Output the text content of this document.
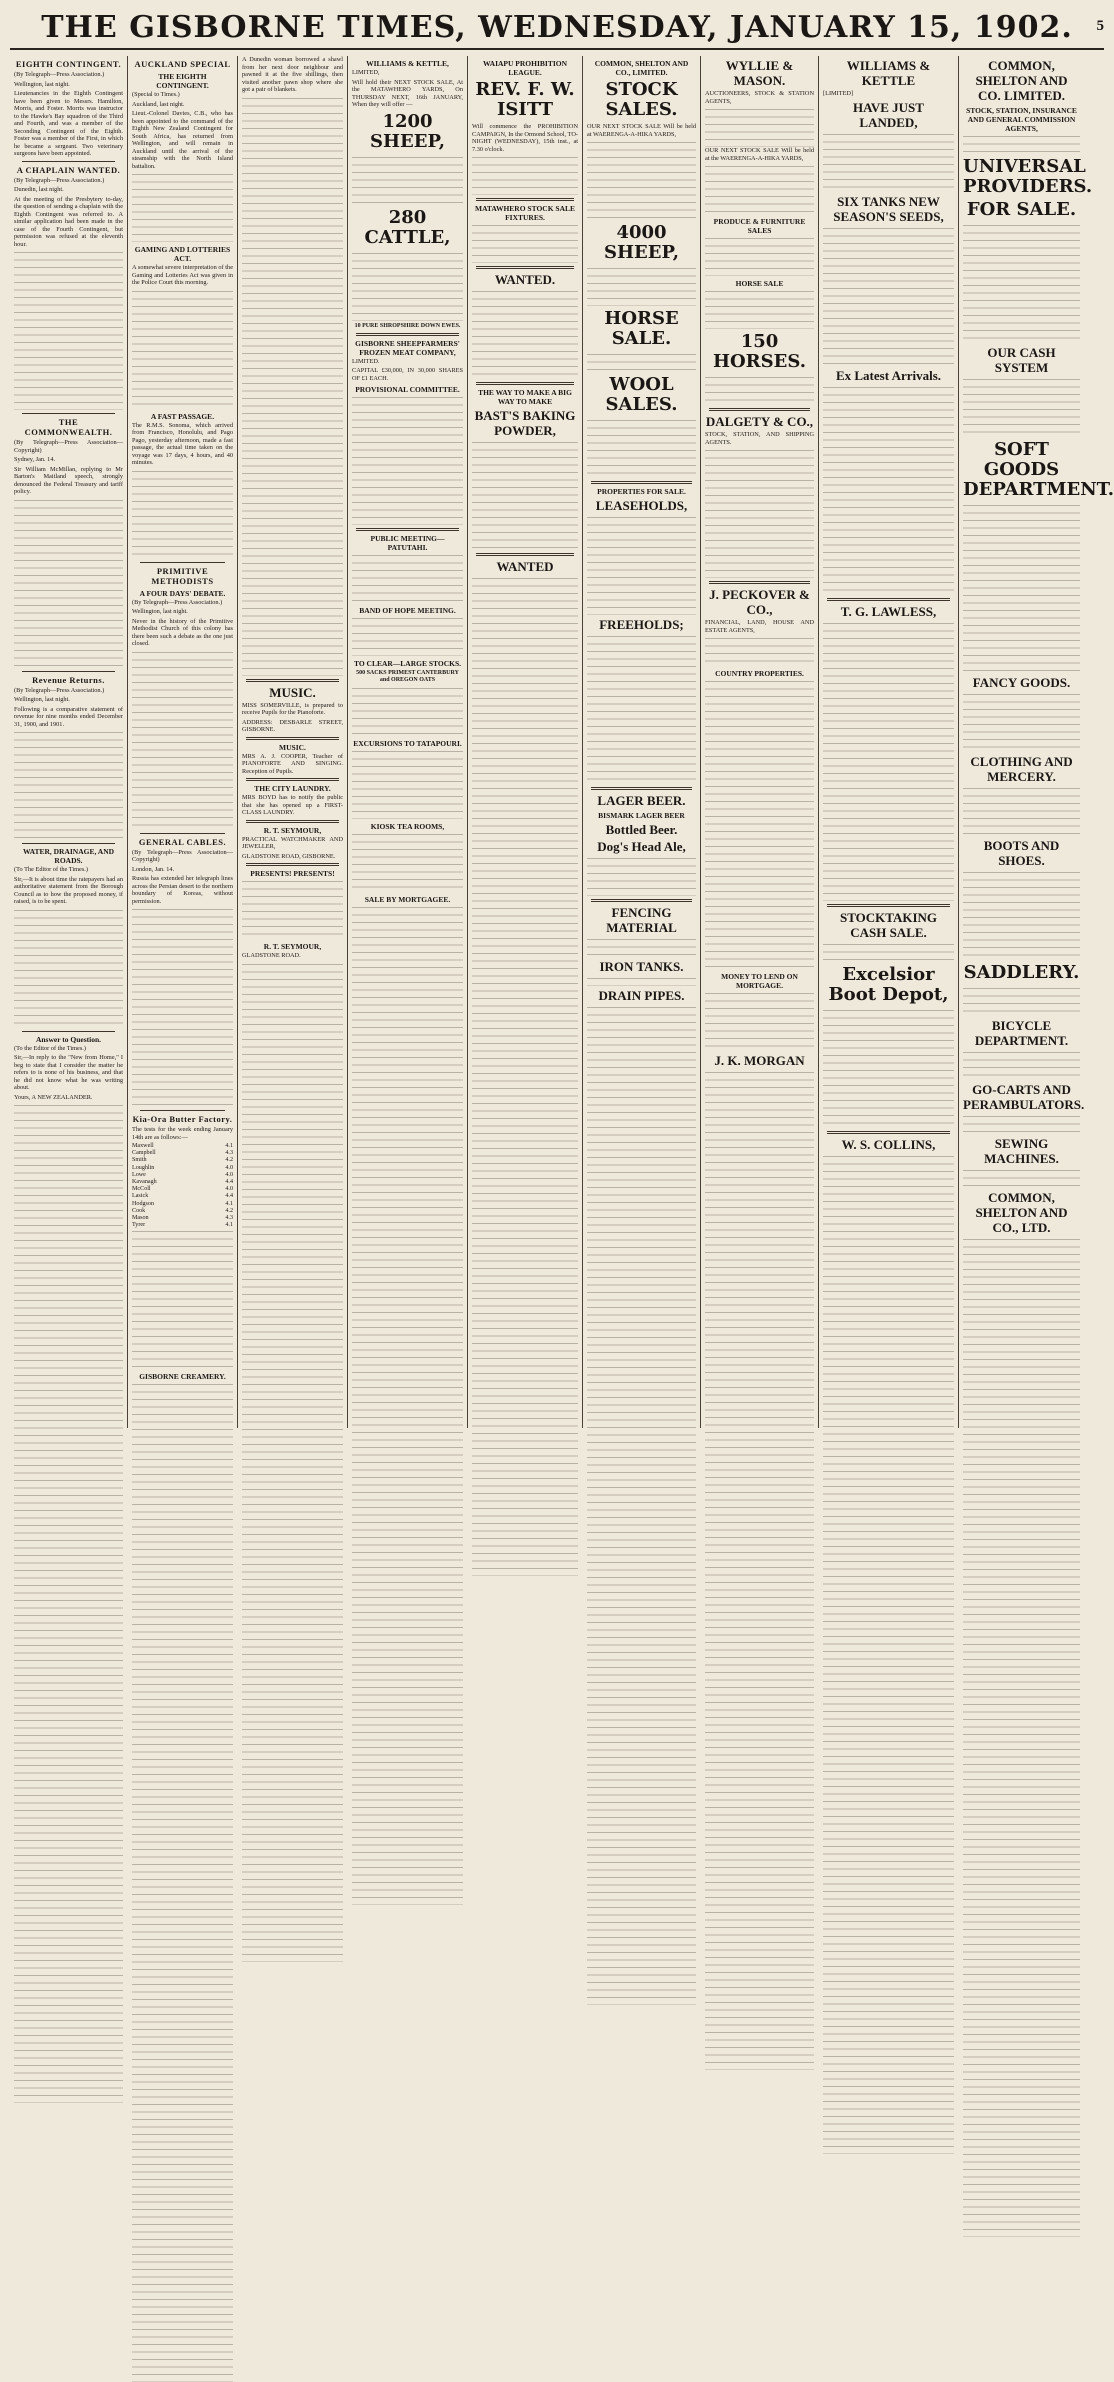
THE GISBORNE TIMES, WEDNESDAY, JANUARY 15, 1902.	5
EIGHTH CONTINGENT.

(By Telegraph—Press Association.)

Wellington, last night.

Lieutenancies in the Eighth Contingent have been given to Messrs. Hamilton, Morris, and Foster. Morris was instructor to the Hawke's Bay squadron of the Third and Fourth, and was a member of the Seconding Contingent of the Eighth. Foster was a member of the First, in which he became a sergeant. Two veterinary surgeons have been appointed.

A CHAPLAIN WANTED.

(By Telegraph—Press Association.)

Dunedin, last night.

At the meeting of the Presbytery to-day, the question of sending a chaplain with the Eighth Contingent was referred to. A similar application had been made in the case of the Fourth Contingent, but permission was refused at the eleventh hour.

THE COMMONWEALTH.

(By Telegraph—Press Association—Copyright)

Sydney, Jan. 14.

Sir William McMillan, replying to Mr Barton's Maitland speech, strongly denounced the Federal Treasury and tariff policy.

Revenue Returns.

(By Telegraph—Press Association.)

Wellington, last night.

Following is a comparative statement of revenue for nine months ended December 31, 1900, and 1901.

WATER, DRAINAGE, AND ROADS.

(To The Editor of the Times.)

Sir,—It is about time the ratepayers had an authoritative statement from the Borough Council as to how the proposed money, if raised, is to be spent.

Answer to Question.

(To the Editor of the Times.)

Sir,—In reply to the "New from Home," I beg to state that I consider the matter he refers to is none of his business, and that he did not know what he was writing about.

Yours, A NEW ZEALANDER.

AUCKLAND SPECIAL
THE EIGHTH CONTINGENT.

(Special to Times.)

Auckland, last night.

Lieut.-Colonel Davies, C.B., who has been appointed to the command of the Eighth New Zealand Contingent for South Africa, has returned from Wellington, and will remain in Auckland until the arrival of the steamship with the North Island battalion.

GAMING AND LOTTERIES ACT.

A somewhat severe interpretation of the Gaming and Lotteries Act was given in the Police Court this morning.

A FAST PASSAGE.

The R.M.S. Sonoma, which arrived from Francisco, Honolulu, and Pago Pago, yesterday afternoon, made a fast passage, the actual time taken on the voyage was 17 days, 4 hours, and 40 minutes.

PRIMITIVE METHODISTS
A FOUR DAYS' DEBATE.

(By Telegraph—Press Association.)

Wellington, last night.

Never in the history of the Primitive Methodist Church of this colony has there been such a debate as the one just closed.

GENERAL CABLES.

(By Telegraph—Press Association—Copyright)

London, Jan. 14.

Russia has extended her telegraph lines across the Persian desert to the northern boundary of Koreas, without permission.

Kia-Ora Butter Factory.

The tests for the week ending January 14th are as follows:—

Maxwell	4.1
Campbell	4.3
Smith	4.2
Loughlin	4.0
Lowe	4.0
Kavanagh	4.4
McColl	4.0
Lasick	4.4
Hodgson	4.1
Cook	4.2
Mason	4.3
Tyrer	4.1
GISBORNE CREAMERY.

A Dunedin woman borrowed a shawl from her next door neighbour and pawned it at the five shillings, then visited another pawn shop where she got a pair of blankets.

MUSIC.

MISS SOMERVILLE, is prepared to receive Pupils for the Pianoforte.

ADDRESS: DESBARLE STREET, GISBORNE.

MUSIC.

MRS A. J. COOPER, Teacher of PIANOFORTE AND SINGING. Reception of Pupils.

THE CITY LAUNDRY.

MRS BOYD has to notify the public that she has opened up a FIRST-CLASS LAUNDRY.

R. T. SEYMOUR,

PRACTICAL WATCHMAKER AND JEWELLER,

GLADSTONE ROAD, GISBORNE.

PRESENTS! PRESENTS!
R. T. SEYMOUR,

GLADSTONE ROAD.

WILLIAMS & KETTLE,

LIMITED,

Will hold their NEXT STOCK SALE, At the MATAWHERO YARDS, On THURSDAY NEXT, 16th JANUARY, When they will offer —

1200 SHEEP,
280 CATTLE,
10 PURE SHROPSHIRE DOWN EWES.
GISBORNE SHEEPFARMERS' FROZEN MEAT COMPANY,

LIMITED.

CAPITAL £30,000, IN 30,000 SHARES OF £1 EACH.

PROVISIONAL COMMITTEE.
PUBLIC MEETING—PATUTAHI.
BAND OF HOPE MEETING.
TO CLEAR—LARGE STOCKS.
500 SACKS PRIMEST CANTERBURY and OREGON OATS
EXCURSIONS TO TATAPOURI.
KIOSK TEA ROOMS,
SALE BY MORTGAGEE.
WAIAPU PROHIBITION LEAGUE.
REV. F. W. ISITT

Will commence the PROHIBITION CAMPAIGN, In the Ormond School, TO-NIGHT (WEDNESDAY), 15th inst., at 7.30 o'clock.

MATAWHERO STOCK SALE FIXTURES.
WANTED.
THE WAY TO MAKE A BIG WAY TO MAKE
BAST'S BAKING POWDER,
WANTED
COMMON, SHELTON AND CO., LIMITED.
STOCK SALES.

OUR NEXT STOCK SALE Will be held at WAERENGA-A-HIKA YARDS,

4000 SHEEP,
HORSE SALE.
WOOL SALES.
PROPERTIES FOR SALE.
LEASEHOLDS,
FREEHOLDS;
LAGER BEER.
BISMARK LAGER BEER
Bottled Beer.
Dog's Head Ale,
FENCING MATERIAL
IRON TANKS.
DRAIN PIPES.
WYLLIE & MASON.

AUCTIONEERS, STOCK & STATION AGENTS,

OUR NEXT STOCK SALE Will be held at the WAERENGA-A-HIKA YARDS,

PRODUCE & FURNITURE SALES
HORSE SALE
150 HORSES.
DALGETY & CO.,

STOCK, STATION, AND SHIPPING AGENTS.

J. PECKOVER & CO.,

FINANCIAL, LAND, HOUSE AND ESTATE AGENTS,

COUNTRY PROPERTIES.
MONEY TO LEND ON MORTGAGE.
J. K. MORGAN
WILLIAMS & KETTLE

[LIMITED]

HAVE JUST LANDED,
SIX TANKS NEW SEASON'S SEEDS,
Ex Latest Arrivals.
T. G. LAWLESS,
STOCKTAKING CASH SALE.
Excelsior Boot Depot,
W. S. COLLINS,
COMMON, SHELTON AND CO. LIMITED.
STOCK, STATION, INSURANCE AND GENERAL COMMISSION AGENTS,
UNIVERSAL PROVIDERS.
FOR SALE.
OUR CASH SYSTEM
SOFT GOODS DEPARTMENT.
FANCY GOODS.
CLOTHING AND MERCERY.
BOOTS AND SHOES.
SADDLERY.
BICYCLE DEPARTMENT.
GO-CARTS AND PERAMBULATORS.
SEWING MACHINES.
COMMON, SHELTON AND CO., LTD.
